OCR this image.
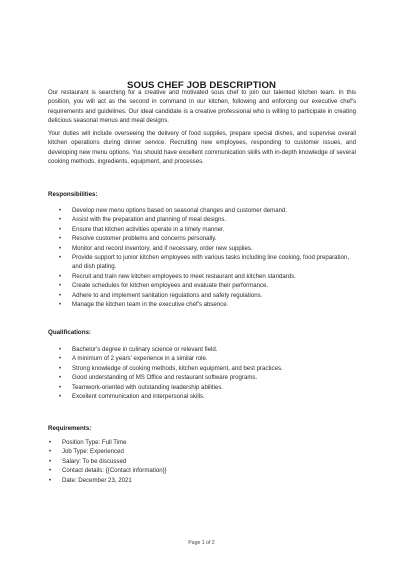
SOUS CHEF JOB DESCRIPTION
Our restaurant is searching for a creative and motivated sous chef to join our talented kitchen team. In this position, you will act as the second in command in our kitchen, following and enforcing our executive chef's requirements and guidelines. Our ideal candidate is a creative professional who is willing to participate in creating delicious seasonal menus and meal designs.
Your duties will include overseeing the delivery of food supplies, prepare special dishes, and supervise overall kitchen operations during dinner service. Recruiting new employees, responding to customer issues, and developing new menu options. You should have excellent communication skills with in-depth knowledge of several cooking methods, ingredients, equipment, and processes.
Responsibilities:
• Develop new menu options based on seasonal changes and customer demand.
• Assist with the preparation and planning of meal designs.
• Ensure that kitchen activities operate in a timely manner.
• Resolve customer problems and concerns personally.
• Monitor and record inventory, and if necessary, order new supplies.
• Provide support to junior kitchen employees with various tasks including line cooking, food preparation, and dish plating.
• Recruit and train new kitchen employees to meet restaurant and kitchen standards.
• Create schedules for kitchen employees and evaluate their performance.
• Adhere to and implement sanitation regulations and safety regulations.
• Manage the kitchen team in the executive chef's absence.
Qualifications:
• Bachelor's degree in culinary science or relevant field.
• A minimum of 2 years' experience in a similar role.
• Strong knowledge of cooking methods, kitchen equipment, and best practices.
• Good understanding of MS Office and restaurant software programs.
• Teamwork-oriented with outstanding leadership abilities.
• Excellent communication and interpersonal skills.
Requirements:
• Position Type: Full Time
• Job Type: Experienced
• Salary: To be discussed
• Contact details: {{Contact information}}
• Date: December 23, 2021
Page 1 of 2
